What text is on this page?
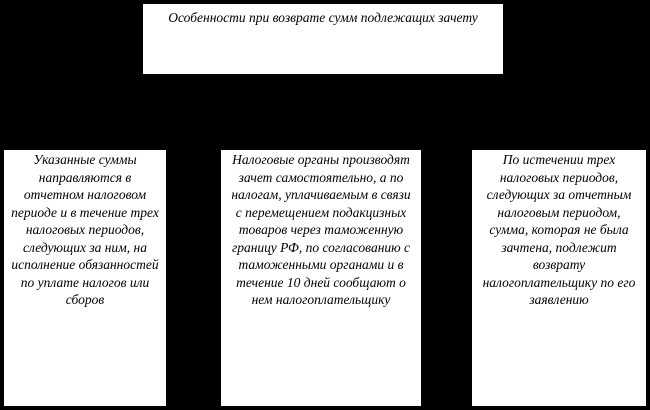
Особенности при возврате сумм подлежащих зачету
Указанные суммы направляются в отчетном налоговом периоде и в течение трех налоговых периодов, следующих за ним, на исполнение обязанностей по уплате налогов или сборов
Налоговые органы производят зачет самостоятельно, а по налогам, уплачиваемым в связи с перемещением подакцизных товаров через таможенную границу РФ, по согласованию с таможенными органами и в течение 10 дней сообщают о нем налогоплательщику
По истечении трех налоговых периодов, следующих за отчетным налоговым периодом, сумма, которая не была зачтена, подлежит возврату налогоплательщику по его заявлению
